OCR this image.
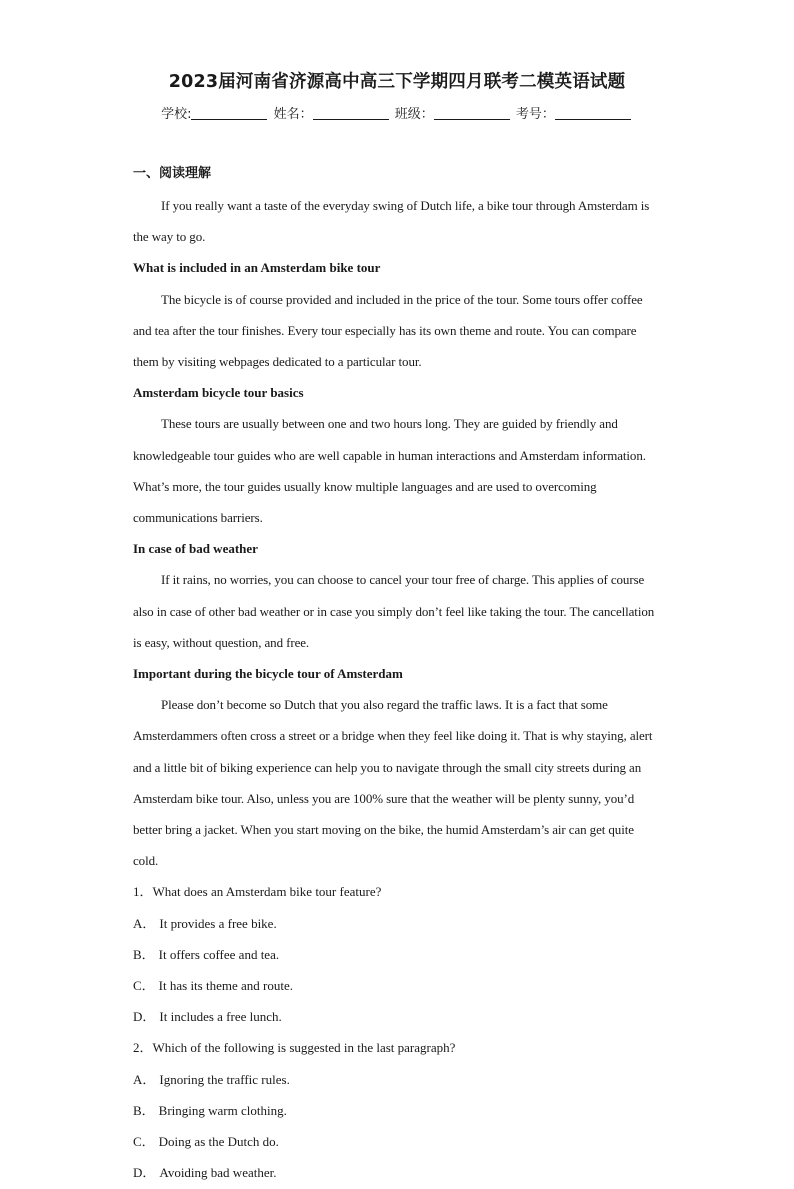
2023届河南省济源高中高三下学期四月联考二模英语试题
学校:	姓名：	班级：	考号：
一、阅读理解
If you really want a taste of the everyday swing of Dutch life, a bike tour through Amsterdam is the way to go.
What is included in an Amsterdam bike tour
The bicycle is of course provided and included in the price of the tour. Some tours offer coffee and tea after the tour finishes. Every tour especially has its own theme and route. You can compare them by visiting webpages dedicated to a particular tour.
Amsterdam bicycle tour basics
These tours are usually between one and two hours long. They are guided by friendly and knowledgeable tour guides who are well capable in human interactions and Amsterdam information. What’s more, the tour guides usually know multiple languages and are used to overcoming communications barriers.
In case of bad weather
If it rains, no worries, you can choose to cancel your tour free of charge. This applies of course also in case of other bad weather or in case you simply don’t feel like taking the tour. The cancellation is easy, without question, and free.
Important during the bicycle tour of Amsterdam
Please don’t become so Dutch that you also regard the traffic laws. It is a fact that some Amsterdammers often cross a street or a bridge when they feel like doing it. That is why staying, alert and a little bit of biking experience can help you to navigate through the small city streets during an Amsterdam bike tour. Also, unless you are 100% sure that the weather will be plenty sunny, you’d better bring a jacket. When you start moving on the bike, the humid Amsterdam’s air can get quite cold.
1．What does an Amsterdam bike tour feature?
A． It provides a free bike.
B． It offers coffee and tea.
C． It has its theme and route.
D． It includes a free lunch.
2．Which of the following is suggested in the last paragraph?
A． Ignoring the traffic rules.
B． Bringing warm clothing.
C． Doing as the Dutch do.
D． Avoiding bad weather.
